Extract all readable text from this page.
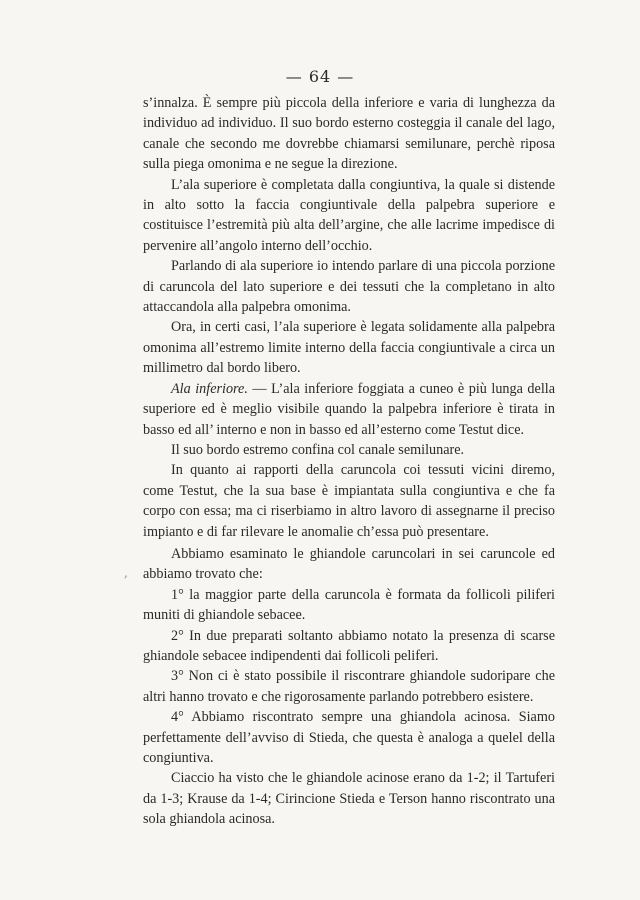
— 64 —
,

s’innalza. È sempre più piccola della inferiore e varia di lunghezza da individuo ad individuo. Il suo bordo esterno costeggia il canale del lago, canale che secondo me dovrebbe chiamarsi semilunare, perchè riposa sulla piega omonima e ne segue la direzione.

L’ala superiore è completata dalla congiuntiva, la quale si distende in alto sotto la faccia congiuntivale della palpebra superiore e costituisce l’estremità più alta dell’argine, che alle lacrime impedisce di pervenire all’angolo interno dell’occhio.

Parlando di ala superiore io intendo parlare di una piccola porzione di caruncola del lato superiore e dei tessuti che la completano in alto attaccandola alla palpebra omonima.

Ora, in certi casi, l’ala superiore è legata solidamente alla palpebra omonima all’estremo limite interno della faccia congiuntivale a circa un millimetro dal bordo libero.

Ala inferiore. — L’ala inferiore foggiata a cuneo è più lunga della superiore ed è meglio visibile quando la palpebra inferiore è tirata in basso ed all’ interno e non in basso ed all’esterno come Testut dice.

Il suo bordo estremo confina col canale semilunare.

In quanto ai rapporti della caruncola coi tessuti vicini diremo, come Testut, che la sua base è impiantata sulla congiuntiva e che fa corpo con essa; ma ci riserbiamo in altro lavoro di assegnarne il preciso impianto e di far rilevare le anomalie ch’essa può presentare.

Abbiamo esaminato le ghiandole caruncolari in sei caruncole ed abbiamo trovato che:

1° la maggior parte della caruncola è formata da follicoli piliferi muniti di ghiandole sebacee.

2° In due preparati soltanto abbiamo notato la presenza di scarse ghiandole sebacee indipendenti dai follicoli peliferi.

3° Non ci è stato possibile il riscontrare ghiandole sudoripare che altri hanno trovato e che rigorosamente parlando potrebbero esistere.

4° Abbiamo riscontrato sempre una ghiandola acinosa. Siamo perfettamente dell’avviso di Stieda, che questa è analoga a quelel della congiuntiva.

Ciaccio ha visto che le ghiandole acinose erano da 1-2; il Tartuferi da 1-3; Krause da 1-4; Cirincione Stieda e Terson hanno riscontrato una sola ghiandola acinosa.
